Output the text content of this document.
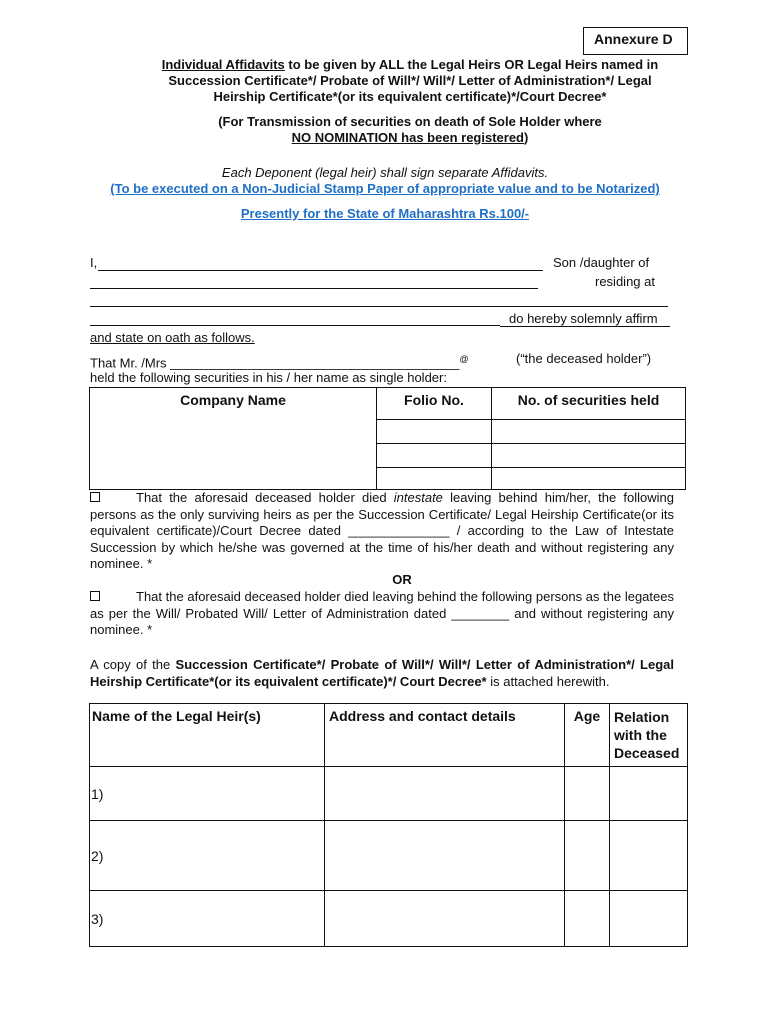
Annexure D
Individual Affidavits to be given by ALL the Legal Heirs OR Legal Heirs named in
Succession Certificate*/ Probate of Will*/ Will*/ Letter of Administration*/ Legal
Heirship Certificate*(or its equivalent certificate)*/Court Decree*
(For Transmission of securities on death of Sole Holder where
NO NOMINATION has been registered)
Each Deponent (legal heir) shall sign separate Affidavits.
(To be executed on a Non-Judicial Stamp Paper of appropriate value and to be Notarized)
Presently for the State of Maharashtra Rs.100/-
I,	Son /daughter of
residing at
do hereby solemnly affirm
and state on oath as follows.
That Mr. /Mrs ________________________________________@	(“the deceased holder”)
held the following securities in his / her name as single holder:
Company Name	Folio No.	No. of securities held

That the aforesaid deceased holder died intestate leaving behind him/her, the following persons as the only surviving heirs as per the Succession Certificate/ Legal Heirship Certificate(or its equivalent certificate)/Court Decree dated ______________ / according to the Law of Intestate Succession by which he/she was governed at the time of his/her death and without registering any nominee. *
OR
That the aforesaid deceased holder died leaving behind the following persons as the legatees as per the Will/ Probated Will/ Letter of Administration dated ________ and without registering any nominee. *
A copy of the Succession Certificate*/ Probate of Will*/ Will*/ Letter of Administration*/ Legal Heirship Certificate*(or its equivalent certificate)*/ Court Decree* is attached herewith.
Name of the Legal Heir(s)	Address and contact details	Age	Relation with the Deceased
1)			
2)			
3)			
